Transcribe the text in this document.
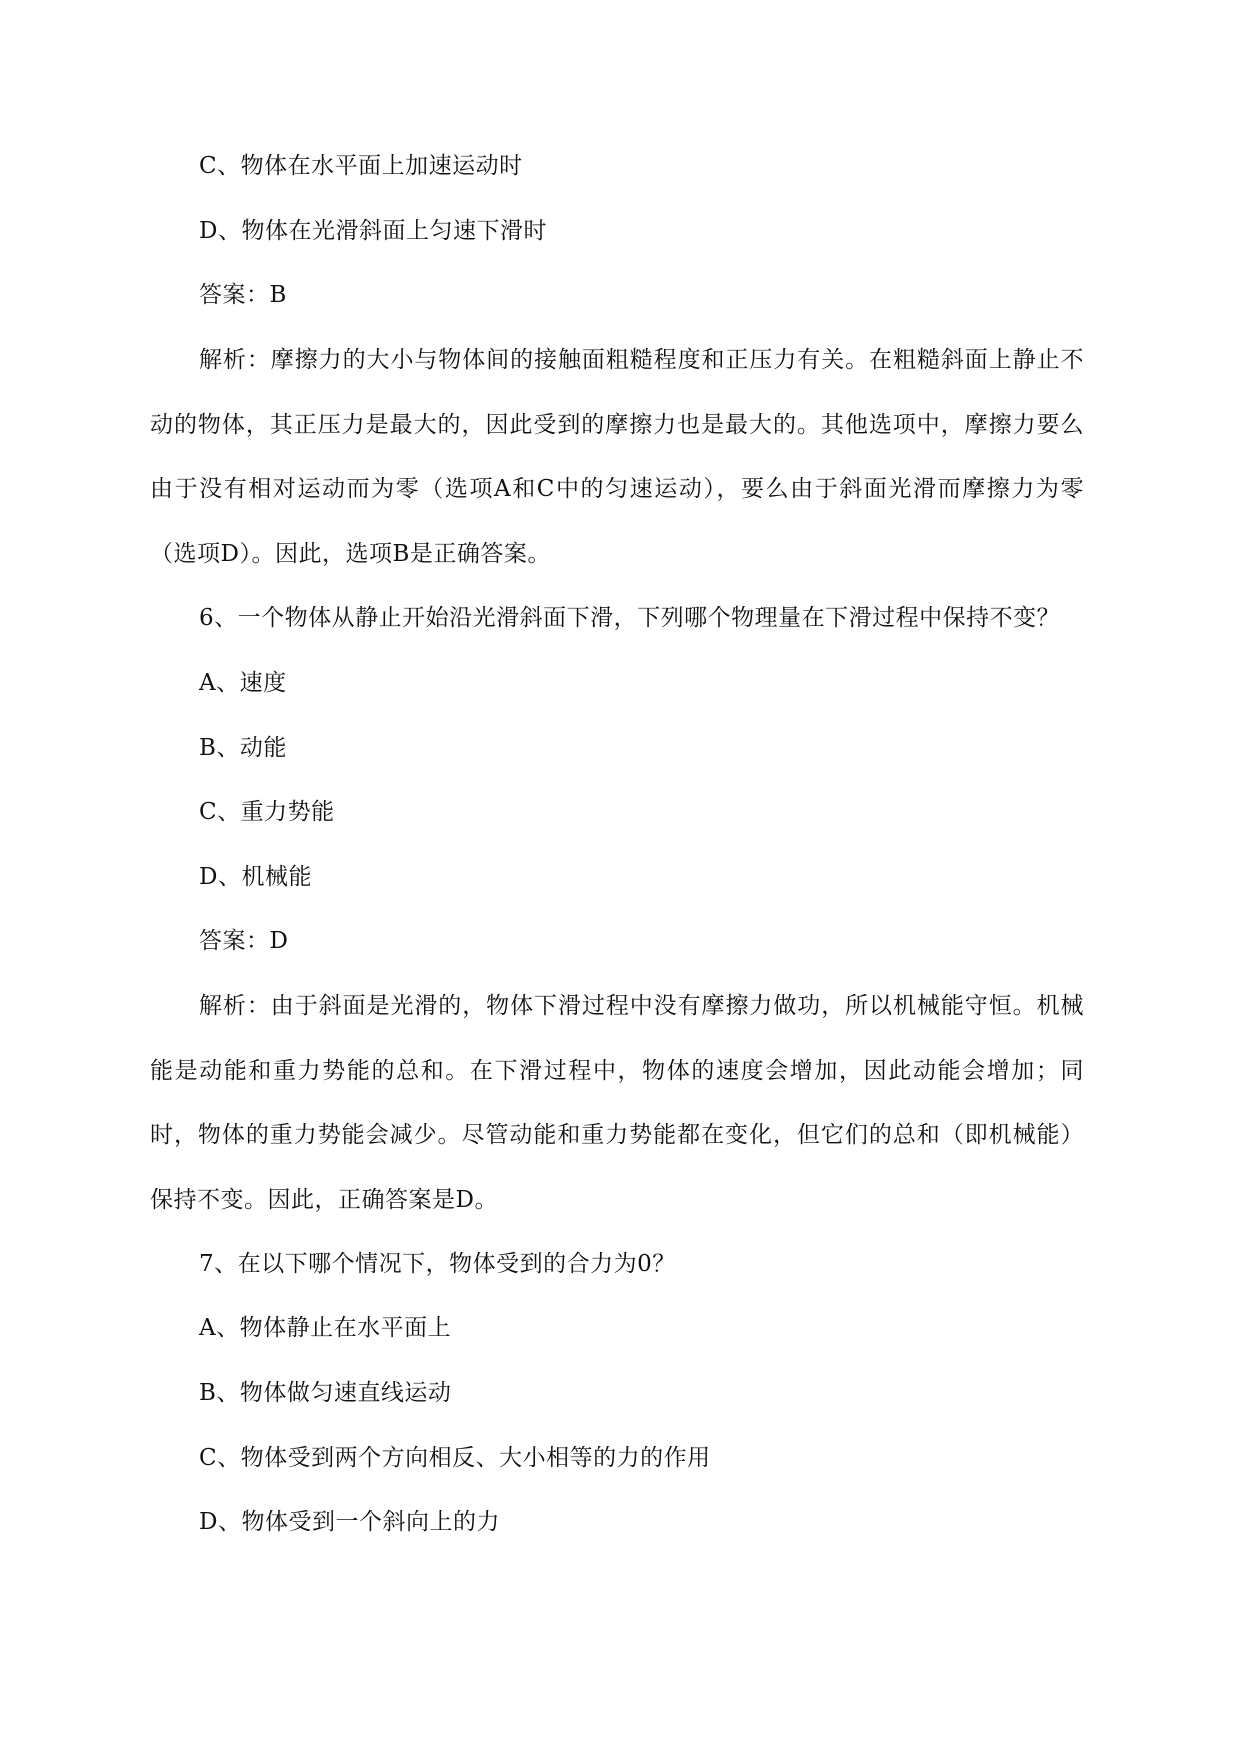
C、物体在水平面上加速运动时
D、物体在光滑斜面上匀速下滑时
答案：B
解析：摩擦力的大小与物体间的接触面粗糙程度和正压力有关。在粗糙斜面上静止不动的物体，其正压力是最大的，因此受到的摩擦力也是最大的。其他选项中，摩擦力要么由于没有相对运动而为零（选项A和C中的匀速运动），要么由于斜面光滑而摩擦力为零（选项D）。因此，选项B是正确答案。
6、一个物体从静止开始沿光滑斜面下滑，下列哪个物理量在下滑过程中保持不变？
A、速度
B、动能
C、重力势能
D、机械能
答案：D
解析：由于斜面是光滑的，物体下滑过程中没有摩擦力做功，所以机械能守恒。机械能是动能和重力势能的总和。在下滑过程中，物体的速度会增加，因此动能会增加；同时，物体的重力势能会减少。尽管动能和重力势能都在变化，但它们的总和（即机械能）保持不变。因此，正确答案是D。
7、在以下哪个情况下，物体受到的合力为0？
A、物体静止在水平面上
B、物体做匀速直线运动
C、物体受到两个方向相反、大小相等的力的作用
D、物体受到一个斜向上的力
